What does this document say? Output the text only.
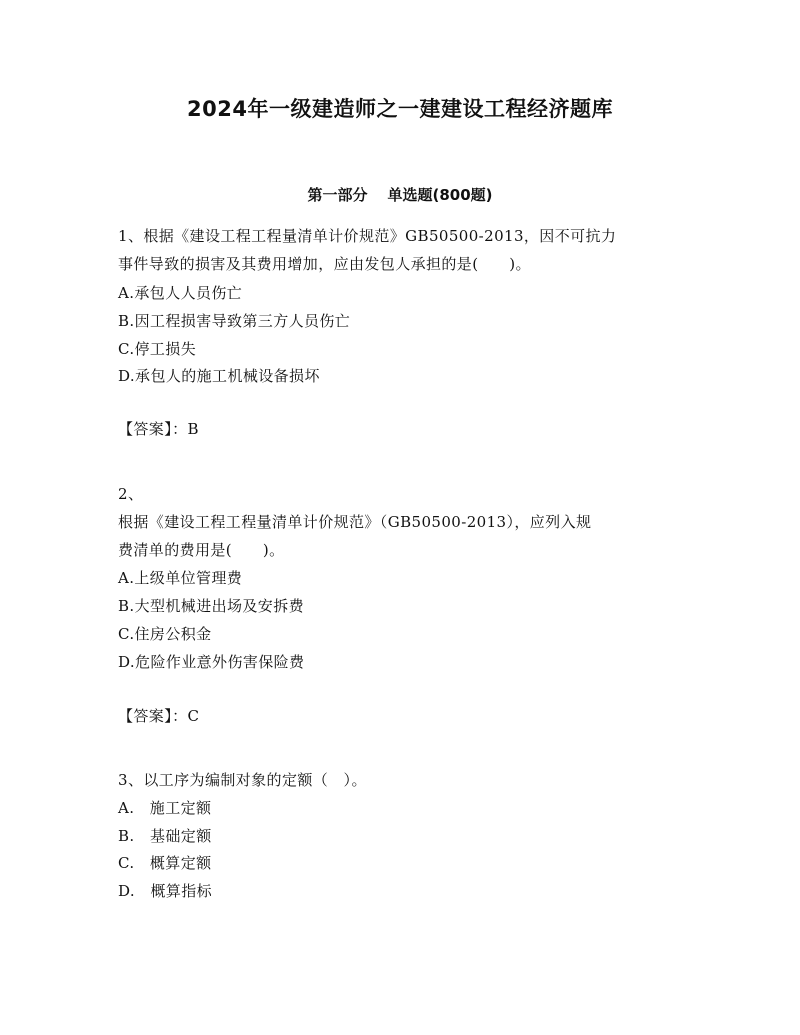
2024年一级建造师之一建建设工程经济题库
第一部分 单选题(800题)
1、根据《建设工程工程量清单计价规范》GB50500-2013，因不可抗力
事件导致的损害及其费用增加，应由发包人承担的是(　　)。
A.承包人人员伤亡
B.因工程损害导致第三方人员伤亡
C.停工损失
D.承包人的施工机械设备损坏
【答案】：B
2、
根据《建设工程工程量清单计价规范》（GB50500-2013），应列入规
费清单的费用是(　　)。
A.上级单位管理费
B.大型机械进出场及安拆费
C.住房公积金
D.危险作业意外伤害保险费
【答案】：C
3、以工序为编制对象的定额（　）。
A.　施工定额
B.　基础定额
C.　概算定额
D.　概算指标
